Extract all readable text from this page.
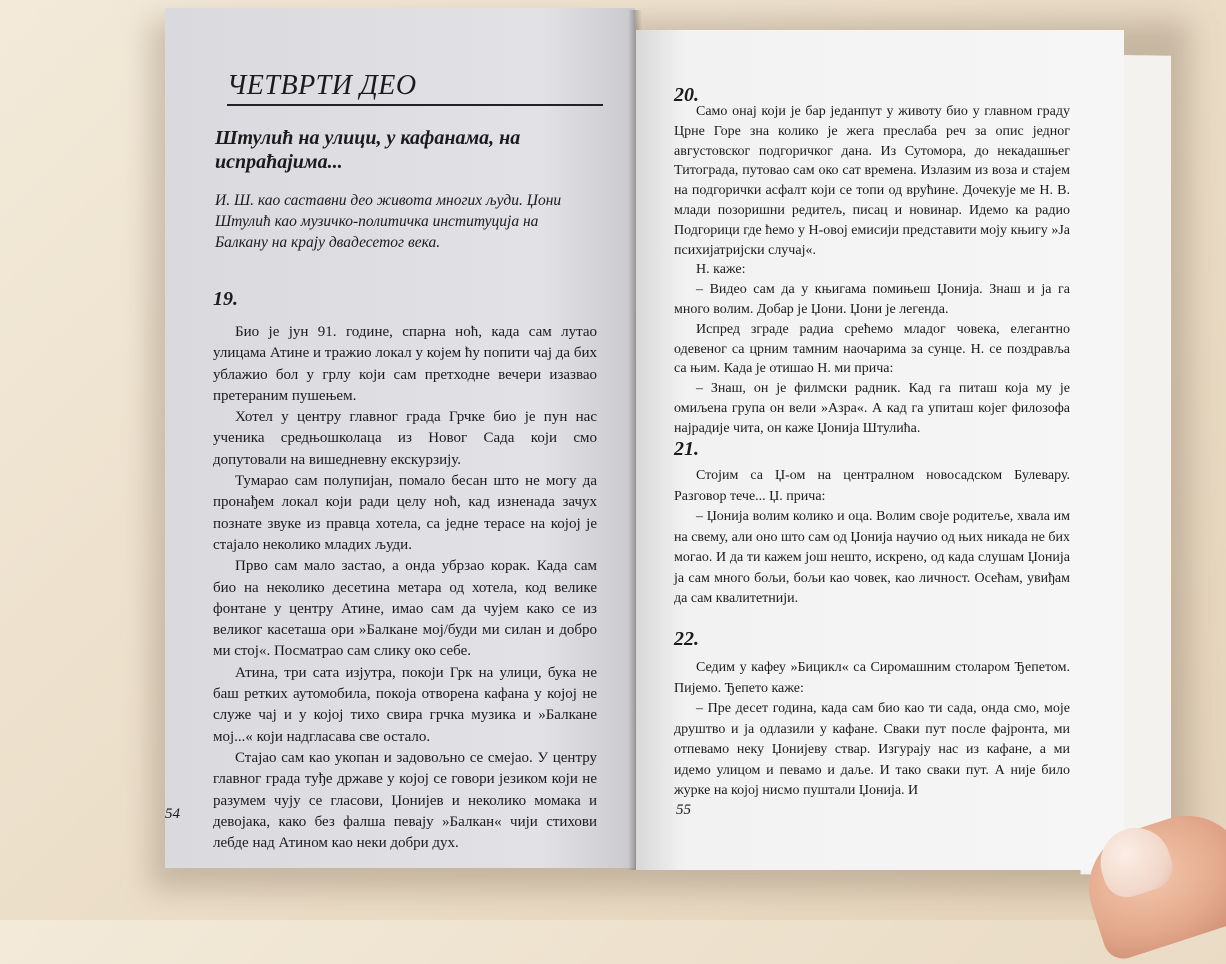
ЧЕТВРТИ ДЕО
Штулић на улици, у кафанама, на испраћајима...
И. Ш. као саставни део живота многих људи. Џони Штулић као музичко-политичка институција на Балкану на крају двадесетог века.
19.

Био је јун 91. године, спарна ноћ, када сам лутао улицама Атине и тражио локал у којем ћу попити чај да бих ублажио бол у грлу који сам претходне вечери изазвао претераним пушењем.

Хотел у центру главног града Грчке био је пун нас ученика средњошколаца из Новог Сада који смо допутовали на вишедневну екскурзију.

Тумарао сам полупијан, помало бесан што не могу да пронађем локал који ради целу ноћ, кад изненада зачух познате звуке из правца хотела, са једне терасе на којој је стајало неколико младих људи.

Прво сам мало застао, а онда убрзао корак. Када сам био на неколико десетина метара од хотела, код велике фонтане у центру Атине, имао сам да чујем како се из великог касеташа ори »Балкане мој/буди ми силан и добро ми стој«. Посматрао сам слику око себе.

Атина, три сата изјутра, покоји Грк на улици, бука не баш ретких аутомобила, покоја отворена кафана у којој не служе чај и у којој тихо свира грчка музика и »Балкане мој...« који надгласава све остало.

Стајао сам као укопан и задовољно се смејао. У центру главног града туђе државе у којој се говори језиком који не разумем чују се гласови, Џонијев и неколико момака и девојака, како без фалша певају »Балкан« чији стихови лебде над Атином као неки добри дух.

54
20.

Само онај који је бар једанпут у животу био у главном граду Црне Горе зна колико је жега преслаба реч за опис једног августовског подгоричког дана. Из Сутомора, до некадашњег Титограда, путовао сам око сат времена. Излазим из воза и стајем на подгорички асфалт који се топи од врућине. Дочекује ме Н. В. млади позоришни редитељ, писац и новинар. Идемо ка радио Подгорици где ћемо у Н-овој емисији представити моју књигу »Ја психијатријски случај«.

Н. каже:

– Видео сам да у књигама помињеш Џонија. Знаш и ја га много волим. Добар је Џони. Џони је легенда.

Испред зграде радиа срећемо младог човека, елегантно одевеног са црним тамним наочарима за сунце. Н. се поздравља са њим. Када је отишао Н. ми прича:

– Знаш, он је филмски радник. Кад га питаш која му је омиљена група он вели »Азра«. А кад га упиташ којег филозофа најрадије чита, он каже Џонија Штулића.

21.

Стојим са Џ-ом на централном новосадском Булевару. Разговор тече... Џ. прича:

– Џонија волим колико и оца. Волим своје родитеље, хвала им на свему, али оно што сам од Џонија научио од њих никада не бих могао. И да ти кажем још нешто, искрено, од када слушам Џонија ја сам много бољи, бољи као човек, као личност. Осећам, увиђам да сам квалитетнији.

22.

Седим у кафеу »Бицикл« са Сиромашним столаром Ђепетом. Пијемо. Ђепето каже:

– Пре десет година, када сам био као ти сада, онда смо, моје друштво и ја одлазили у кафане. Сваки пут после фајронта, ми отпевамо неку Џонијеву ствар. Изгурају нас из кафане, а ми идемо улицом и певамо и даље. И тако сваки пут. А није било журке на којој нисмо пуштали Џонија. И

55
